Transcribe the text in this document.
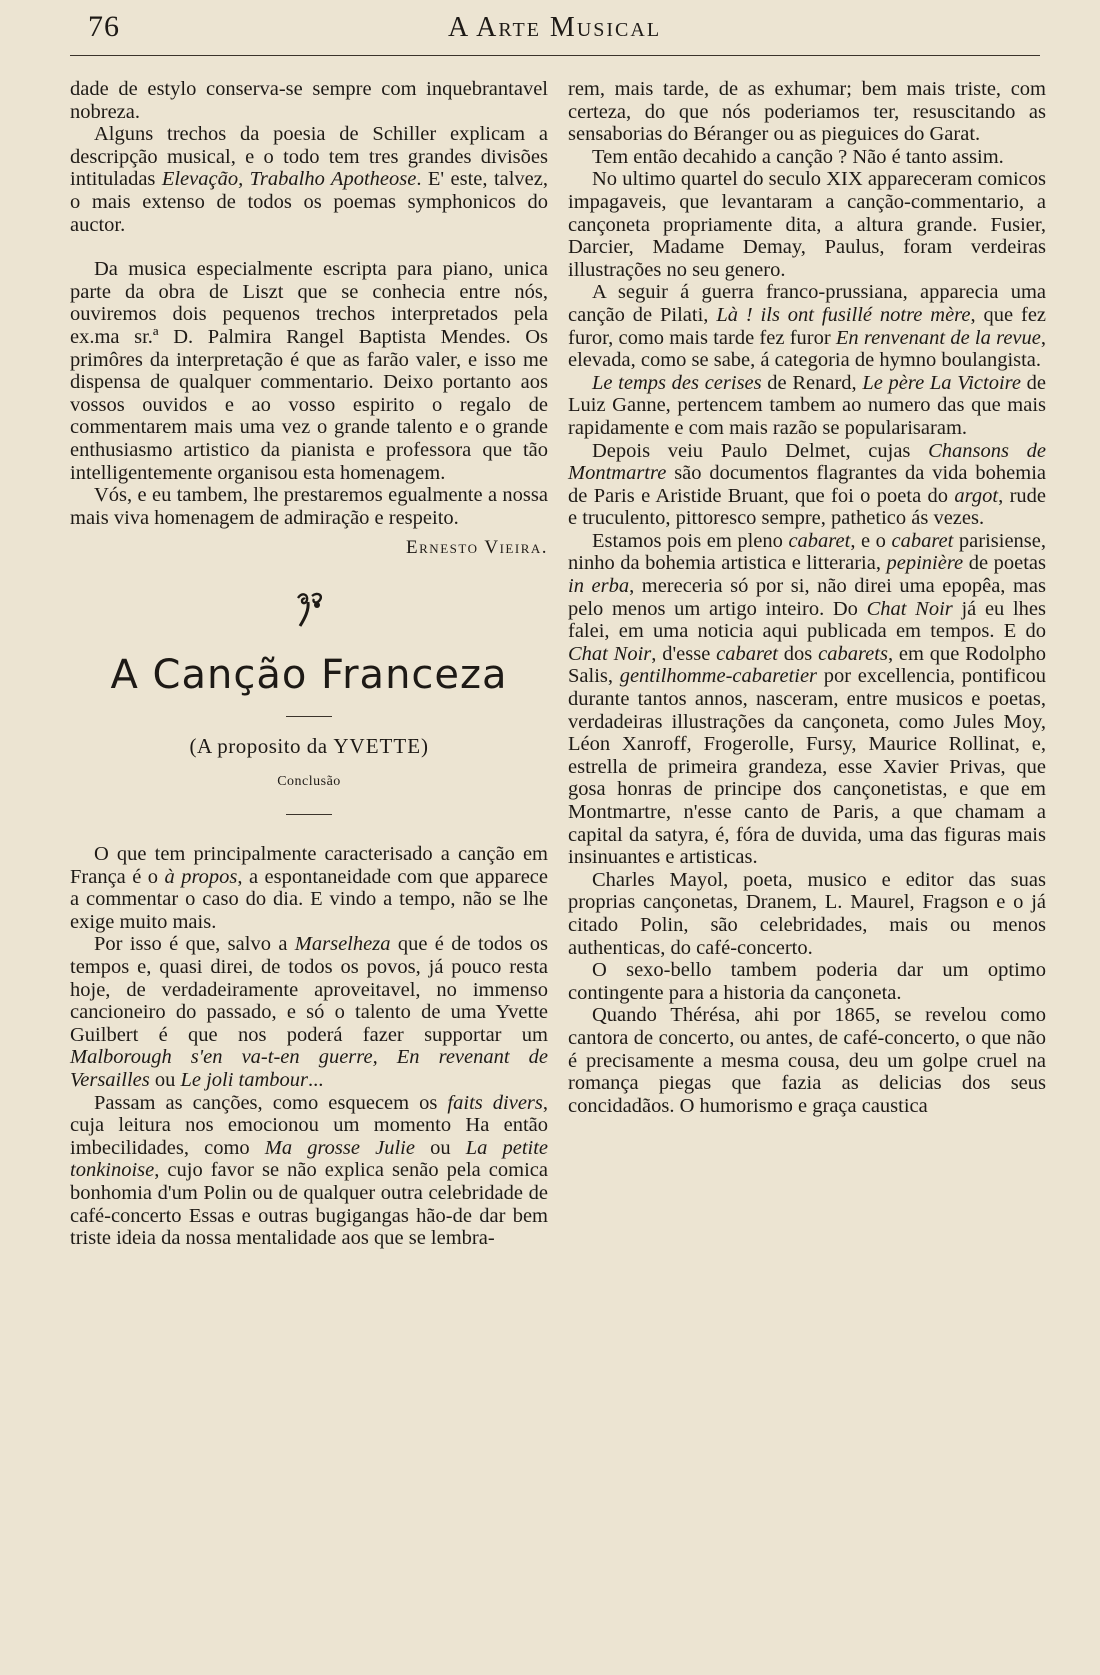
76	A Arte Musical

dade de estylo conserva-se sempre com inquebrantavel nobreza.

Alguns trechos da poesia de Schiller explicam a descripção musical, e o todo tem tres grandes divisões intituladas Elevação, Trabalho Apotheose. E' este, talvez, o mais extenso de todos os poemas symphonicos do auctor.

Da musica especialmente escripta para piano, unica parte da obra de Liszt que se conhecia entre nós, ouviremos dois pequenos trechos interpretados pela ex.ma sr.ª D. Palmira Rangel Baptista Mendes. Os primôres da interpretação é que as farão valer, e isso me dispensa de qualquer commentario. Deixo portanto aos vossos ouvidos e ao vosso espirito o regalo de commentarem mais uma vez o grande talento e o grande enthusiasmo artistico da pianista e professora que tão intelligentemente organisou esta homenagem.

Vós, e eu tambem, lhe prestaremos egualmente a nossa mais viva homenagem de admiração e respeito.

Ernesto Vieira.
A Canção Franceza
(A proposito da YVETTE)
Conclusão

O que tem principalmente caracterisado a canção em França é o à propos, a espontaneidade com que apparece a commentar o caso do dia. E vindo a tempo, não se lhe exige muito mais.

Por isso é que, salvo a Marselheza que é de todos os tempos e, quasi direi, de todos os povos, já pouco resta hoje, de verdadeiramente aproveitavel, no immenso cancioneiro do passado, e só o talento de uma Yvette Guilbert é que nos poderá fazer supportar um Malborough s'en va-t-en guerre, En revenant de Versailles ou Le joli tambour...

Passam as canções, como esquecem os faits divers, cuja leitura nos emocionou um momento Ha então imbecilidades, como Ma grosse Julie ou La petite tonkinoise, cujo favor se não explica senão pela comica bonhomia d'um Polin ou de qualquer outra celebridade de café-concerto Essas e outras bugigangas hão-de dar bem triste ideia da nossa mentalidade aos que se lembra-

rem, mais tarde, de as exhumar; bem mais triste, com certeza, do que nós poderiamos ter, resuscitando as sensaborias do Béranger ou as pieguices do Garat.

Tem então decahido a canção ? Não é tanto assim.

No ultimo quartel do seculo XIX appareceram comicos impagaveis, que levantaram a canção-commentario, a cançoneta propriamente dita, a altura grande. Fusier, Darcier, Madame Demay, Paulus, foram verdeiras illustrações no seu genero.

A seguir á guerra franco-prussiana, apparecia uma canção de Pilati, Là ! ils ont fusillé notre mère, que fez furor, como mais tarde fez furor En renvenant de la revue, elevada, como se sabe, á categoria de hymno boulangista.

Le temps des cerises de Renard, Le père La Victoire de Luiz Ganne, pertencem tambem ao numero das que mais rapidamente e com mais razão se popularisaram.

Depois veiu Paulo Delmet, cujas Chansons de Montmartre são documentos flagrantes da vida bohemia de Paris e Aristide Bruant, que foi o poeta do argot, rude e truculento, pittoresco sempre, pathetico ás vezes.

Estamos pois em pleno cabaret, e o cabaret parisiense, ninho da bohemia artistica e litteraria, pepinière de poetas in erba, mereceria só por si, não direi uma epopêa, mas pelo menos um artigo inteiro. Do Chat Noir já eu lhes falei, em uma noticia aqui publicada em tempos. E do Chat Noir, d'esse cabaret dos cabarets, em que Rodolpho Salis, gentilhomme-cabaretier por excellencia, pontificou durante tantos annos, nasceram, entre musicos e poetas, verdadeiras illustrações da cançoneta, como Jules Moy, Léon Xanroff, Frogerolle, Fursy, Maurice Rollinat, e, estrella de primeira grandeza, esse Xavier Privas, que gosa honras de principe dos cançonetistas, e que em Montmartre, n'esse canto de Paris, a que chamam a capital da satyra, é, fóra de duvida, uma das figuras mais insinuantes e artisticas.

Charles Mayol, poeta, musico e editor das suas proprias cançonetas, Dranem, L. Maurel, Fragson e o já citado Polin, são celebridades, mais ou menos authenticas, do café-concerto.

O sexo-bello tambem poderia dar um optimo contingente para a historia da cançoneta.

Quando Thérésa, ahi por 1865, se revelou como cantora de concerto, ou antes, de café-concerto, o que não é precisamente a mesma cousa, deu um golpe cruel na romança piegas que fazia as delicias dos seus concidadãos. O humorismo e graça caustica
